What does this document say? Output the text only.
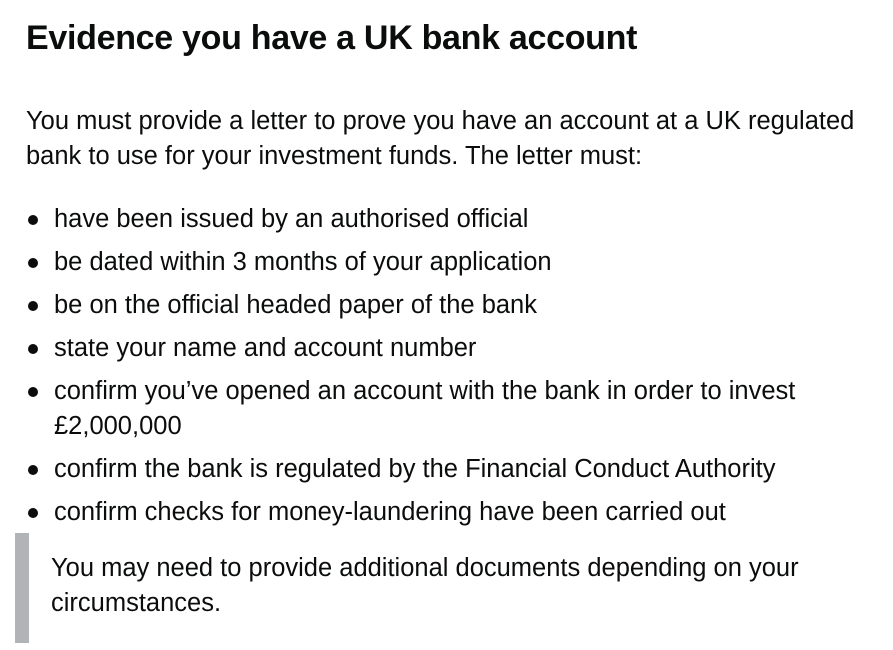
Evidence you have a UK bank account

You must provide a letter to prove you have an account at a UK regulated bank to use for your investment funds. The letter must:

have been issued by an authorised official
be dated within 3 months of your application
be on the official headed paper of the bank
state your name and account number
confirm you’ve opened an account with the bank in order to invest £2,000,000
confirm the bank is regulated by the Financial Conduct Authority
confirm checks for money-laundering have been carried out

You may need to provide additional documents depending on your circumstances.
